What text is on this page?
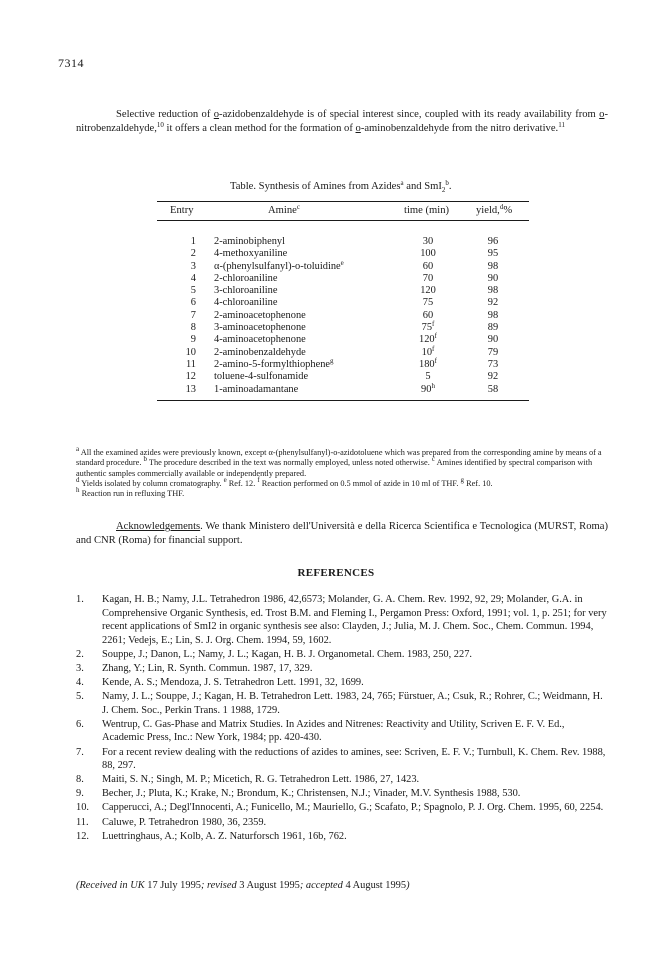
7314

Selective reduction of o-azidobenzaldehyde is of special interest since, coupled with its ready availability from o-nitrobenzaldehyde,$^{10}$ it offers a clean method for the formation of o-aminobenzaldehyde from the nitro derivative.$^{11}$

Table. Synthesis of Amines from Azides$^a$ and SmI$_2^b$.
Entry	Amine$^c$	time (min)	yield,$^d$%
1 2-aminobiphenyl	30	96
2 4-methoxyaniline	100	95
3 α-(phenylsulfanyl)-o-toluidine$^e$	60	98
4 2-chloroaniline	70	90
5 3-chloroaniline	120	98
6 4-chloroaniline	75	92
7 2-aminoacetophenone	60	98
8 3-aminoacetophenone	75$^f$	89
9 4-aminoacetophenone	120$^f$	90
10 2-aminobenzaldehyde	10$^f$	79
11 2-amino-5-formylthiophene$^g$	180$^f$	73
12 toluene-4-sulfonamide	5	92
13 1-aminoadamantane	90$^h$	58
$^a$ All the examined azides were previously known, except α-(phenylsulfanyl)-o-azidotoluene which was prepared from the corresponding amine by means of a standard procedure. $^b$ The procedure described in the text was normally employed, unless noted otherwise. $^c$ Amines identified by spectral comparison with authentic samples commercially available or independently prepared.
$^d$ Yields isolated by column cromatography. $^e$ Ref. 12. $^f$ Reaction performed on 0.5 mmol of azide in 10 ml of THF. $^g$ Ref. 10.
$^h$ Reaction run in refluxing THF.

Acknowledgements. We thank Ministero dell'Università e della Ricerca Scientifica e Tecnologica (MURST, Roma) and CNR (Roma) for financial support.

REFERENCES
1. Kagan, H. B.; Namy, J.L. Tetrahedron 1986, 42,6573; Molander, G. A. Chem. Rev. 1992, 92, 29; Molander, G.A. in Comprehensive Organic Synthesis, ed. Trost B.M. and Fleming I., Pergamon Press: Oxford, 1991; vol. 1, p. 251; for very recent applications of SmI2 in organic synthesis see also: Clayden, J.; Julia, M. J. Chem. Soc., Chem. Commun. 1994, 2261; Vedejs, E.; Lin, S. J. Org. Chem. 1994, 59, 1602.
2. Souppe, J.; Danon, L.; Namy, J. L.; Kagan, H. B. J. Organometal. Chem. 1983, 250, 227.
3. Zhang, Y.; Lin, R. Synth. Commun. 1987, 17, 329.
4. Kende, A. S.; Mendoza, J. S. Tetrahedron Lett. 1991, 32, 1699.
5. Namy, J. L.; Souppe, J.; Kagan, H. B. Tetrahedron Lett. 1983, 24, 765; Fürstuer, A.; Csuk, R.; Rohrer, C.; Weidmann, H. J. Chem. Soc., Perkin Trans. 1 1988, 1729.
6. Wentrup, C. Gas-Phase and Matrix Studies. In Azides and Nitrenes: Reactivity and Utility, Scriven E. F. V. Ed., Academic Press, Inc.: New York, 1984; pp. 420-430.
7. For a recent review dealing with the reductions of azides to amines, see: Scriven, E. F. V.; Turnbull, K. Chem. Rev. 1988, 88, 297.
8. Maiti, S. N.; Singh, M. P.; Micetich, R. G. Tetrahedron Lett. 1986, 27, 1423.
9. Becher, J.; Pluta, K.; Krake, N.; Brondum, K.; Christensen, N.J.; Vinader, M.V. Synthesis 1988, 530.
10. Capperucci, A.; Degl'Innocenti, A.; Funicello, M.; Mauriello, G.; Scafato, P.; Spagnolo, P. J. Org. Chem. 1995, 60, 2254.
11. Caluwe, P. Tetrahedron 1980, 36, 2359.
12. Luettringhaus, A.; Kolb, A. Z. Naturforsch 1961, 16b, 762.
(Received in UK 17 July 1995; revised 3 August 1995; accepted 4 August 1995)
